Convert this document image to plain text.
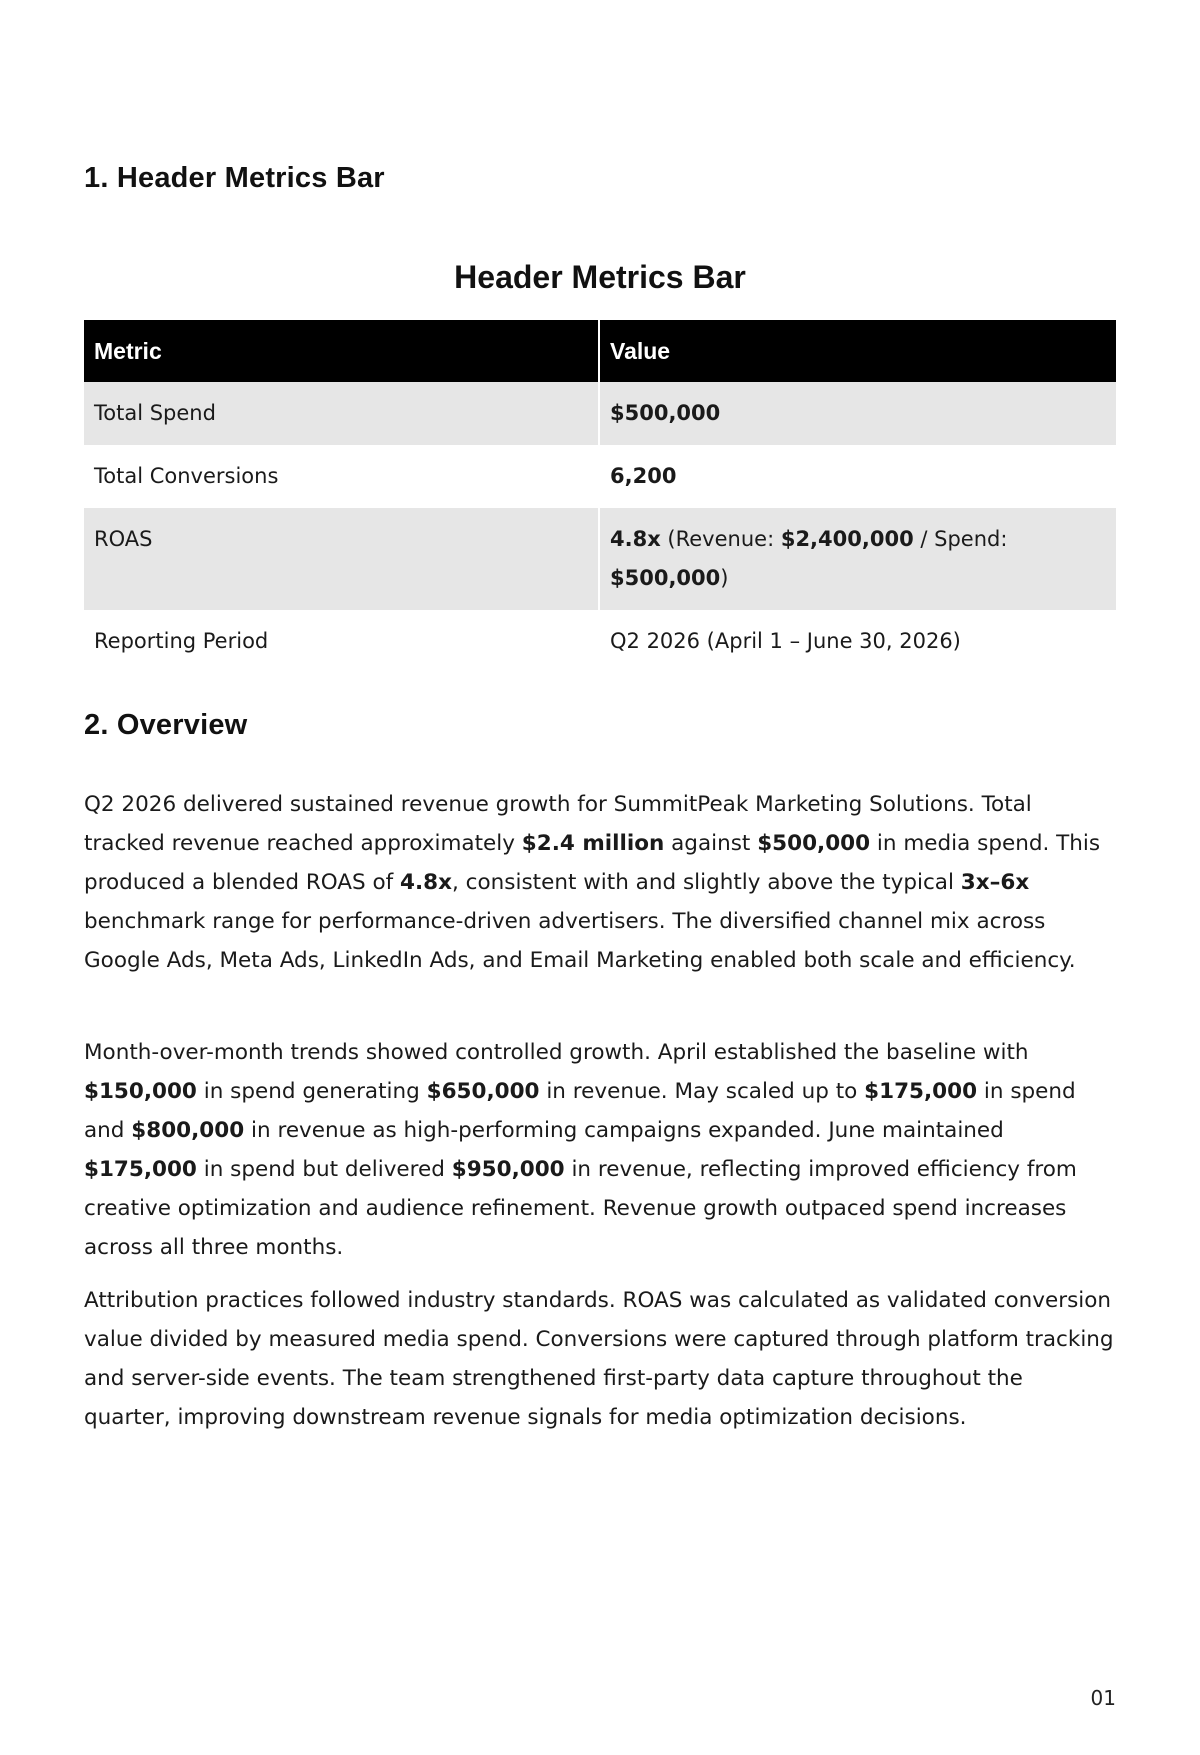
1. Header Metrics Bar
Header Metrics Bar
Metric	Value
Total Spend	$500,000
Total Conversions	6,200
ROAS	4.8x (Revenue: $2,400,000 / Spend: $500,000)
Reporting Period	Q2 2026 (April 1 – June 30, 2026)
2. Overview

Q2 2026 delivered sustained revenue growth for SummitPeak Marketing Solutions. Total tracked revenue reached approximately $2.4 million against $500,000 in media spend. This produced a blended ROAS of 4.8x, consistent with and slightly above the typical 3x–6x benchmark range for performance-driven advertisers. The diversified channel mix across Google Ads, Meta Ads, LinkedIn Ads, and Email Marketing enabled both scale and efficiency.

Month-over-month trends showed controlled growth. April established the baseline with $150,000 in spend generating $650,000 in revenue. May scaled up to $175,000 in spend and $800,000 in revenue as high-performing campaigns expanded. June maintained $175,000 in spend but delivered $950,000 in revenue, reflecting improved efficiency from creative optimization and audience refinement. Revenue growth outpaced spend increases across all three months.

Attribution practices followed industry standards. ROAS was calculated as validated conversion value divided by measured media spend. Conversions were captured through platform tracking and server-side events. The team strengthened first-party data capture throughout the quarter, improving downstream revenue signals for media optimization decisions.

01
